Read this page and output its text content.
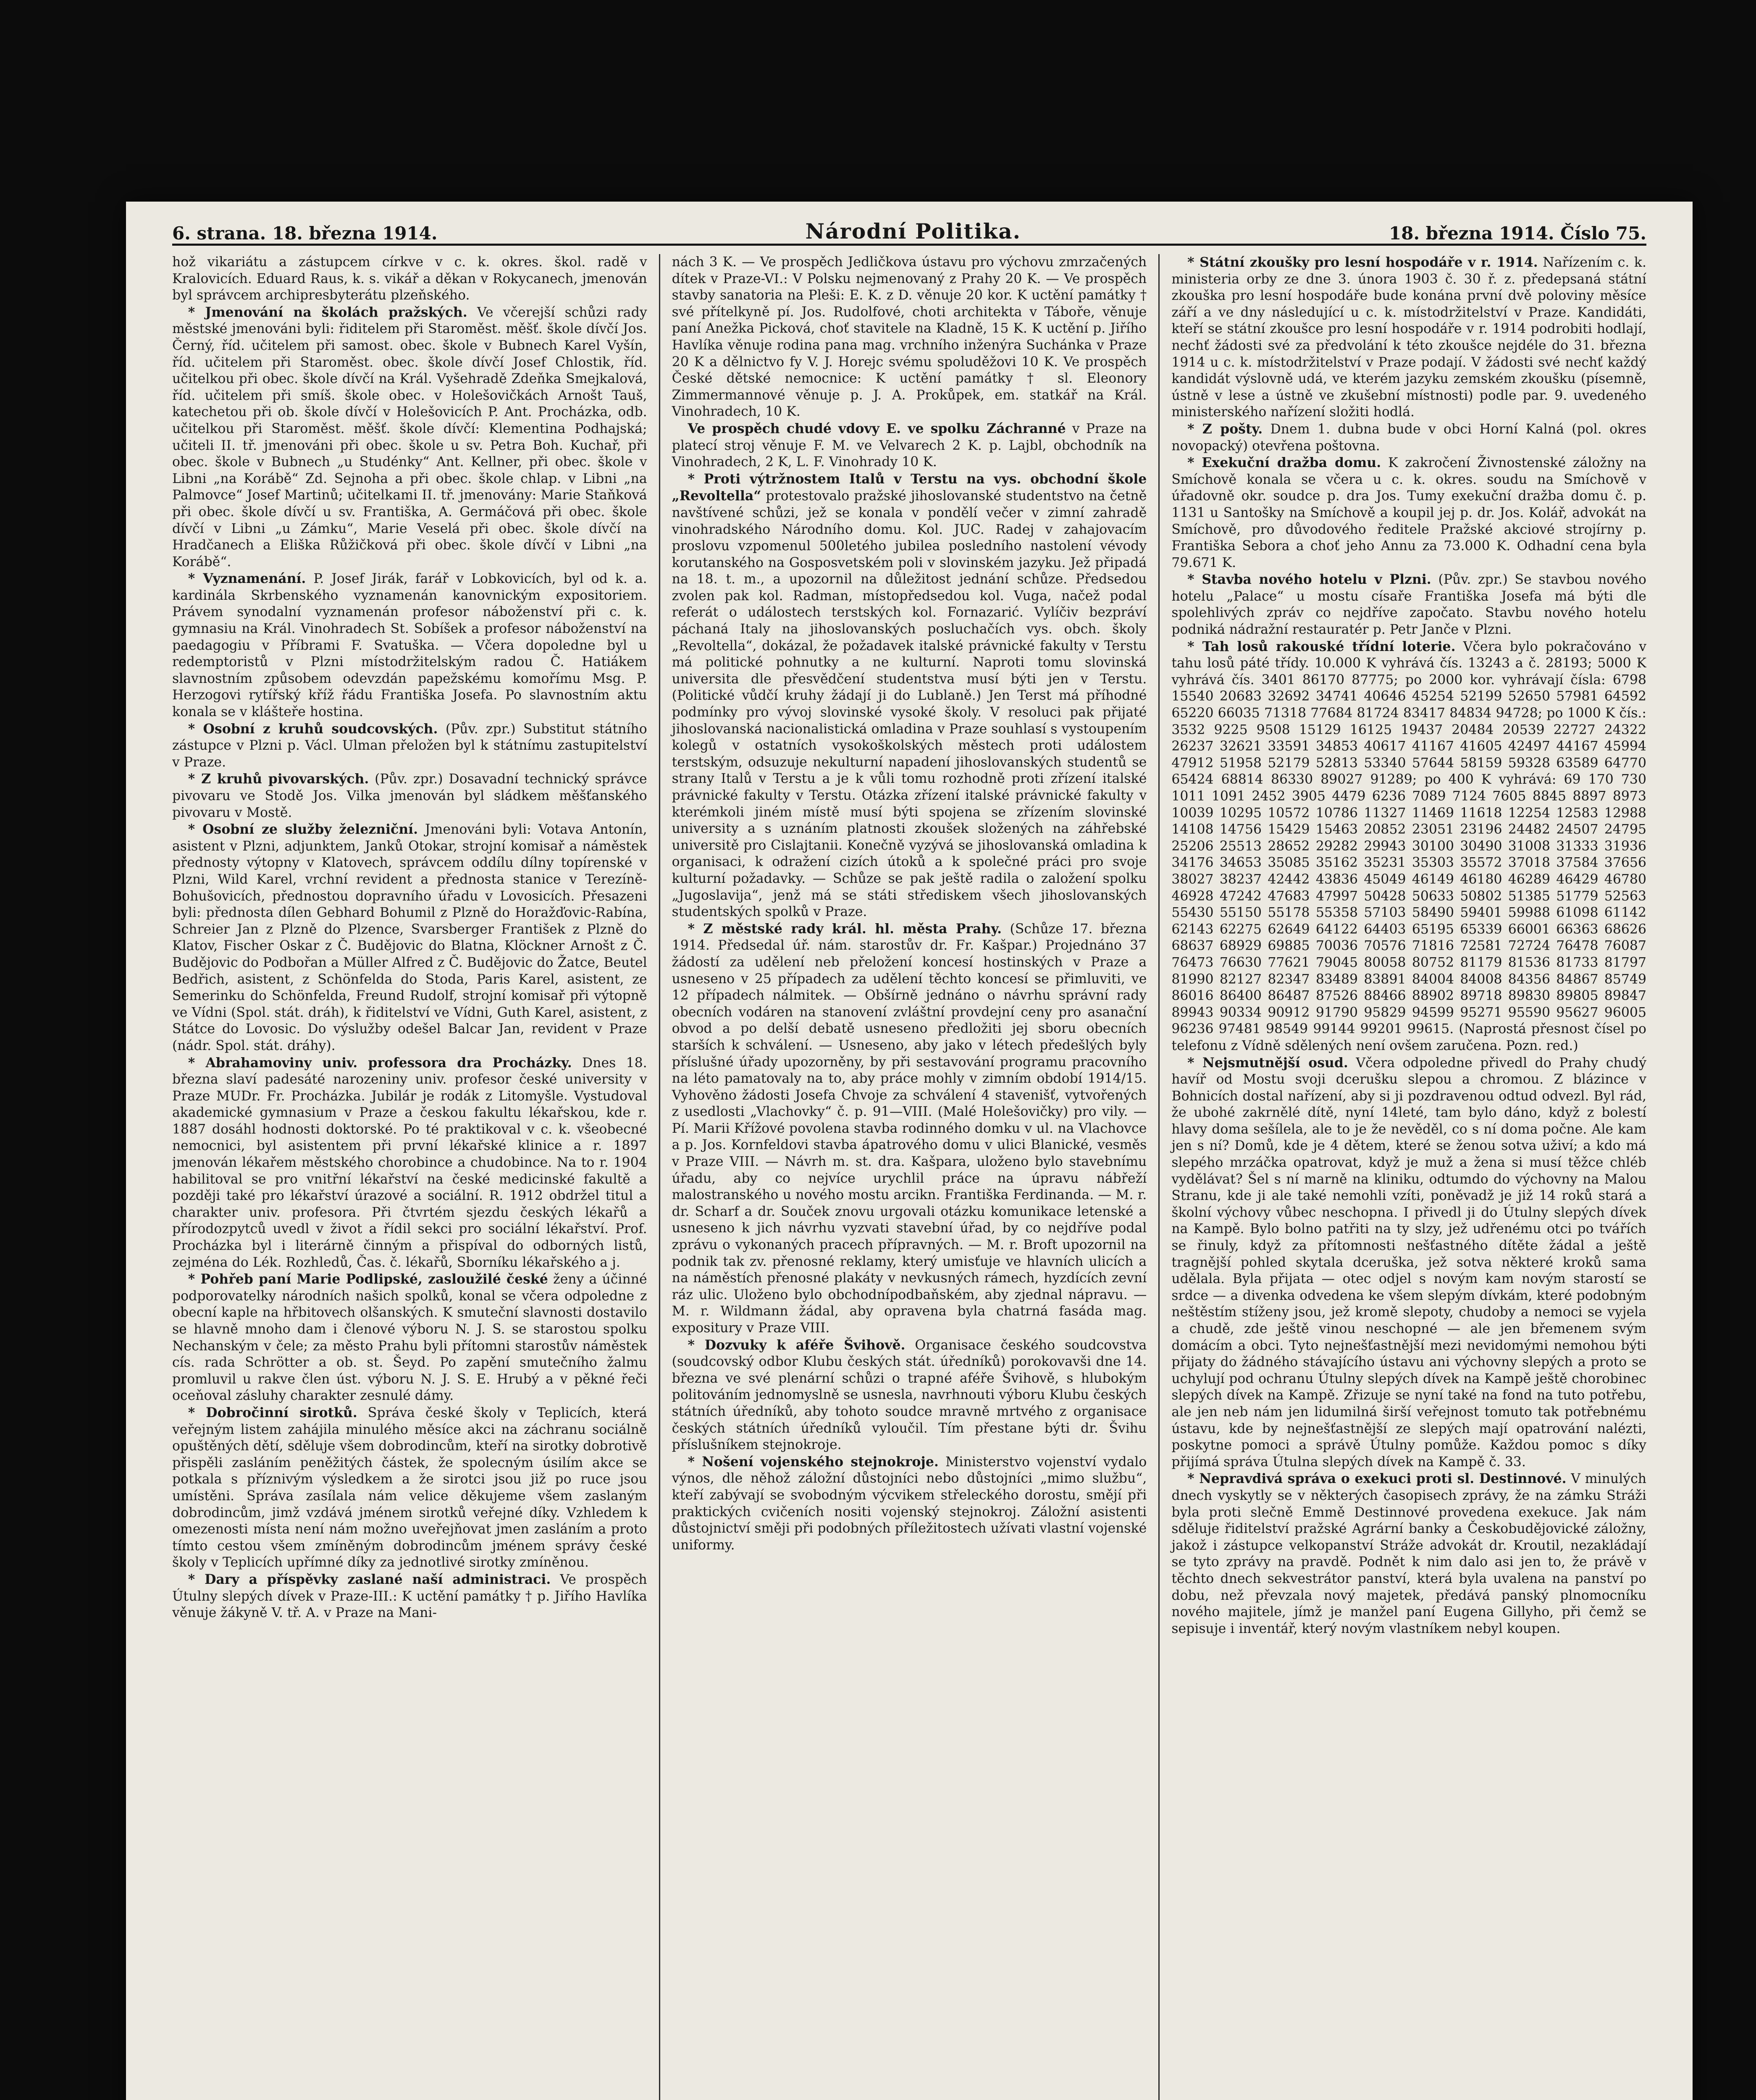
6. strana. 18. března 1914.	Národní Politika.	18. března 1914. Číslo 75.

hož vikariátu a zástupcem církve v c. k. okres. škol. radě v Kralovicích. Eduard Raus, k. s. vikář a děkan v Rokycanech, jmenován byl správcem archipresbyterátu plzeňského.

* Jmenování na školách pražských. Ve včerejší schůzi rady městské jmenováni byli: řiditelem při Staroměst. měšť. škole dívčí Jos. Černý, říd. učitelem při samost. obec. škole v Bubnech Karel Vyšín, říd. učitelem při Staroměst. obec. škole dívčí Josef Chlostik, říd. učitelkou při obec. škole dívčí na Král. Vyšehradě Zdeňka Smejkalová, říd. učitelem při smíš. škole obec. v Holešovičkách Arnošt Tauš, katechetou při ob. škole dívčí v Holešovicích P. Ant. Procházka, odb. učitelkou při Staroměst. měšť. škole dívčí: Klementina Podhajská; učiteli II. tř. jmenováni při obec. škole u sv. Petra Boh. Kuchař, při obec. škole v Bubnech „u Studénky“ Ant. Kellner, při obec. škole v Libni „na Korábě“ Zd. Sejnoha a při obec. škole chlap. v Libni „na Palmovce“ Josef Martinů; učitelkami II. tř. jmenovány: Marie Staňková při obec. škole dívčí u sv. Františka, A. Germáčová při obec. škole dívčí v Libni „u Zámku“, Marie Veselá při obec. škole dívčí na Hradčanech a Eliška Růžičková při obec. škole dívčí v Libni „na Korábě“.

* Vyznamenání. P. Josef Jirák, farář v Lobkovicích, byl od k. a. kardinála Skrbenského vyznamenán kanovnickým expositoriem. Právem synodalní vyznamenán profesor náboženství při c. k. gymnasiu na Král. Vinohradech St. Sobíšek a profesor náboženství na paedagogiu v Příbrami F. Svatuška. — Včera dopoledne byl u redemptoristů v Plzni místodržitelským radou Č. Hatiákem slavnostním způsobem odevzdán papežskému komořímu Msg. P. Herzogovi rytířský kříž řádu Františka Josefa. Po slavnostním aktu konala se v klášteře hostina.

* Osobní z kruhů soudcovských. (Pův. zpr.) Substitut státního zástupce v Plzni p. Václ. Ulman přeložen byl k státnímu zastupitelství v Praze.

* Z kruhů pivovarských. (Pův. zpr.) Dosavadní technický správce pivovaru ve Stodě Jos. Vilka jmenován byl sládkem měšťanského pivovaru v Mostě.

* Osobní ze služby železniční. Jmenováni byli: Votava Antonín, asistent v Plzni, adjunktem, Janků Otokar, strojní komisař a náměstek přednosty výtopny v Klatovech, správcem oddílu dílny topírenské v Plzni, Wild Karel, vrchní revident a přednosta stanice v Terezíně-Bohušovicích, přednostou dopravního úřadu v Lovosicích. Přesazeni byli: přednosta dílen Gebhard Bohumil z Plzně do Horažďovic-Rabína, Schreier Jan z Plzně do Plzence, Svarsberger František z Plzně do Klatov, Fischer Oskar z Č. Budějovic do Blatna, Klöckner Arnošt z Č. Budějovic do Podbořan a Müller Alfred z Č. Budějovic do Žatce, Beutel Bedřich, asistent, z Schönfelda do Stoda, Paris Karel, asistent, ze Semerinku do Schönfelda, Freund Rudolf, strojní komisař při výtopně ve Vídni (Spol. stát. dráh), k řiditelství ve Vídni, Guth Karel, asistent, z Státce do Lovosic. Do výslužby odešel Balcar Jan, revident v Praze (nádr. Spol. stát. dráhy).

* Abrahamoviny univ. professora dra Procházky. Dnes 18. března slaví padesáté narozeniny univ. profesor české university v Praze MUDr. Fr. Procházka. Jubilár je rodák z Litomyšle. Vystudoval akademické gymnasium v Praze a českou fakultu lékařskou, kde r. 1887 dosáhl hodnosti doktorské. Po té praktikoval v c. k. všeobecné nemocnici, byl asistentem při první lékařské klinice a r. 1897 jmenován lékařem městského chorobince a chudobince. Na to r. 1904 habilitoval se pro vnitřní lékařství na české medicinské fakultě a později také pro lékařství úrazové a sociální. R. 1912 obdržel titul a charakter univ. profesora. Při čtvrtém sjezdu českých lékařů a přírodozpytců uvedl v život a řídil sekci pro sociální lékařství. Prof. Procházka byl i literárně činným a přispíval do odborných listů, zejména do Lék. Rozhledů, Čas. č. lékařů, Sborníku lékařského a j.

* Pohřeb paní Marie Podlipské, zasloužilé české ženy a účinné podporovatelky národních našich spolků, konal se včera odpoledne z obecní kaple na hřbitovech olšanských. K smuteční slavnosti dostavilo se hlavně mnoho dam i členové výboru N. J. S. se starostou spolku Nechanským v čele; za město Prahu byli přítomni starostův náměstek cís. rada Schrötter a ob. st. Šeyd. Po zapění smutečního žalmu promluvil u rakve člen úst. výboru N. J. S. E. Hrubý a v pěkné řeči oceňoval zásluhy charakter zesnulé dámy.

* Dobročinní sirotků. Správa české školy v Teplicích, která veřejným listem zahájila minulého měsíce akci na záchranu sociálně opuštěných dětí, sděluje všem dobrodincům, kteří na sirotky dobrotivě přispěli zasláním peněžitých částek, že spolecným úsilím akce se potkala s příznivým výsledkem a že sirotci jsou již po ruce jsou umístěni. Správa zasílala nám velice děkujeme všem zaslaným dobrodincům, jimž vzdává jménem sirotků veřejné díky. Vzhledem k omezenosti místa není nám možno uveřejňovat jmen zasláním a proto tímto cestou všem zmíněným dobrodincům jménem správy české školy v Teplicích upřímné díky za jednotlivé sirotky zmíněnou.

* Dary a příspěvky zaslané naší administraci. Ve prospěch Útulny slepých dívek v Praze-III.: K uctění památky † p. Jiřího Havlíka věnuje žákyně V. tř. A. v Praze na Mani-

nách 3 K. — Ve prospěch Jedličkova ústavu pro výchovu zmrzačených dítek v Praze-VI.: V Polsku nejmenovaný z Prahy 20 K. — Ve prospěch stavby sanatoria na Pleši: E. K. z D. věnuje 20 kor. K uctění památky † své přítelkyně pí. Jos. Rudolfové, choti architekta v Táboře, věnuje paní Anežka Picková, choť stavitele na Kladně, 15 K. K uctění p. Jiřího Havlíka věnuje rodina pana mag. vrchního inženýra Suchánka v Praze 20 K a dělnictvo fy V. J. Horejc svému spoluděžovi 10 K. Ve prospěch České dětské nemocnice: K uctění památky † sl. Eleonory Zimmermannové věnuje p. J. A. Prokůpek, em. statkář na Král. Vinohradech, 10 K.

Ve prospěch chudé vdovy E. ve spolku Záchranné v Praze na platecí stroj věnuje F. M. ve Velvarech 2 K. p. Lajbl, obchodník na Vinohradech, 2 K, L. F. Vinohrady 10 K.

* Proti výtržnostem Italů v Terstu na vys. obchodní škole „Revoltella“ protestovalo pražské jihoslovanské studentstvo na četně navštívené schůzi, jež se konala v pondělí večer v zimní zahradě vinohradského Národního domu. Kol. JUC. Radej v zahajovacím proslovu vzpomenul 500letého jubilea posledního nastolení vévody korutanského na Gosposvetském poli v slovinském jazyku. Jež připadá na 18. t. m., a upozornil na důležitost jednání schůze. Předsedou zvolen pak kol. Radman, místopředsedou kol. Vuga, načež podal referát o událostech terstských kol. Fornazarić. Vylíčiv bezpráví páchaná Italy na jihoslovanských posluchačích vys. obch. školy „Revoltella“, dokázal, že požadavek italské právnické fakulty v Terstu má politické pohnutky a ne kulturní. Naproti tomu slovinská universita dle přesvědčení studentstva musí býti jen v Terstu. (Politické vůdčí kruhy žádají ji do Lublaně.) Jen Terst má příhodné podmínky pro vývoj slovinské vysoké školy. V resoluci pak přijaté jihoslovanská nacionalistická omladina v Praze souhlasí s vystoupením kolegů v ostatních vysokoškolských městech proti událostem terstským, odsuzuje nekulturní napadení jihoslovanských studentů se strany Italů v Terstu a je k vůli tomu rozhodně proti zřízení italské právnické fakulty v Terstu. Otázka zřízení italské právnické fakulty v kterémkoli jiném místě musí býti spojena se zřízením slovinské university a s uznáním platnosti zkoušek složených na záhřebské universitě pro Cislajtanii. Konečně vyzývá se jihoslovanská omladina k organisaci, k odražení cizích útoků a k společné práci pro svoje kulturní požadavky. — Schůze se pak ještě radila o založení spolku „Jugoslavija“, jenž má se státi střediskem všech jihoslovanských studentských spolků v Praze.

* Z městské rady král. hl. města Prahy. (Schůze 17. března 1914. Předsedal úř. nám. starostův dr. Fr. Kašpar.) Projednáno 37 žádostí za udělení neb přeložení koncesí hostinských v Praze a usneseno v 25 případech za udělení těchto koncesí se přimluviti, ve 12 případech nálmitek. — Obšírně jednáno o návrhu správní rady obecních vodáren na stanovení zvláštní provdejní ceny pro asanační obvod a po delší debatě usneseno předložiti jej sboru obecních starších k schválení. — Usneseno, aby jako v létech předešlých byly příslušné úřady upozorněny, by při sestavování programu pracovního na léto pamatovaly na to, aby práce mohly v zimním období 1914/15. Vyhověno žádosti Josefa Chvoje za schválení 4 stavenišť, vytvořených z usedlosti „Vlachovky“ č. p. 91—VIII. (Malé Holešovičky) pro vily. — Pí. Marii Křížové povolena stavba rodinného domku v ul. na Vlachovce a p. Jos. Kornfeldovi stavba ápatrového domu v ulici Blanické, vesměs v Praze VIII. — Návrh m. st. dra. Kašpara, uloženo bylo stavebnímu úřadu, aby co nejvíce urychlil práce na úpravu nábřeží malostranského u nového mostu arcikn. Františka Ferdinanda. — M. r. dr. Scharf a dr. Souček znovu urgovali otázku komunikace letenské a usneseno k jich návrhu vyzvati stavební úřad, by co nejdříve podal zprávu o vykonaných pracech přípravných. — M. r. Broft upozornil na podnik tak zv. přenosné reklamy, který umisťuje ve hlavních ulicích a na náměstích přenosné plakáty v nevkusných rámech, hyzdících zevní ráz ulic. Uloženo bylo obchodnípodbaňském, aby zjednal nápravu. — M. r. Wildmann žádal, aby opravena byla chatrná fasáda mag. expositury v Praze VIII.

* Dozvuky k aféře Švihově. Organisace českého soudcovstva (soudcovský odbor Klubu českých stát. úředníků) porokovavši dne 14. března ve své plenární schůzi o trapné aféře Švihově, s hlubokým politováním jednomyslně se usnesla, navrhnouti výboru Klubu českých státních úředníků, aby tohoto soudce mravně mrtvého z organisace českých státních úředníků vyloučil. Tím přestane býti dr. Švihu příslušníkem stejnokroje.

* Nošení vojenského stejnokroje. Ministerstvo vojenství vydalo výnos, dle něhož záložní důstojníci nebo důstojníci „mimo službu“, kteří zabývají se svobodným výcvikem střeleckého dorostu, smějí při praktických cvičeních nositi vojenský stejnokroj. Záložní asistenti důstojnictví směji při podobných příležitostech užívati vlastní vojenské uniformy.

* Státní zkoušky pro lesní hospodáře v r. 1914. Nařízením c. k. ministeria orby ze dne 3. února 1903 č. 30 ř. z. předepsaná státní zkouška pro lesní hospodáře bude konána první dvě poloviny měsíce září a ve dny následující u c. k. místodržitelství v Praze. Kandidáti, kteří se státní zkoušce pro lesní hospodáře v r. 1914 podrobiti hodlají, nechť žádosti své za předvolání k této zkoušce nejdéle do 31. března 1914 u c. k. místodržitelství v Praze podají. V žádosti své nechť každý kandidát výslovně udá, ve kterém jazyku zemském zkoušku (písemně, ústně v lese a ústně ve zkušební místnosti) podle par. 9. uvedeného ministerského nařízení složiti hodlá.

* Z pošty. Dnem 1. dubna bude v obci Horní Kalná (pol. okres novopacký) otevřena poštovna.

* Exekuční dražba domu. K zakročení Živnostenské záložny na Smíchově konala se včera u c. k. okres. soudu na Smíchově v úřadovně okr. soudce p. dra Jos. Tumy exekuční dražba domu č. p. 1131 u Santošky na Smíchově a koupil jej p. dr. Jos. Kolář, advokát na Smíchově, pro důvodového ředitele Pražské akciové strojírny p. Františka Sebora a choť jeho Annu za 73.000 K. Odhadní cena byla 79.671 K.

* Stavba nového hotelu v Plzni. (Pův. zpr.) Se stavbou nového hotelu „Palace“ u mostu císaře Františka Josefa má býti dle spolehlivých zpráv co nejdříve započato. Stavbu nového hotelu podniká nádražní restauratér p. Petr Janče v Plzni.

* Tah losů rakouské třídní loterie. Včera bylo pokračováno v tahu losů páté třídy. 10.000 K vyhrává čís. 13243 a č. 28193; 5000 K vyhrává čís. 3401 86170 87775; po 2000 kor. vyhrávají čísla: 6798 15540 20683 32692 34741 40646 45254 52199 52650 57981 64592 65220 66035 71318 77684 81724 83417 84834 94728; po 1000 K čís.: 3532 9225 9508 15129 16125 19437 20484 20539 22727 24322 26237 32621 33591 34853 40617 41167 41605 42497 44167 45994 47912 51958 52179 52813 53340 57644 58159 59328 63589 64770 65424 68814 86330 89027 91289; po 400 K vyhrává: 69 170 730 1011 1091 2452 3905 4479 6236 7089 7124 7605 8845 8897 8973 10039 10295 10572 10786 11327 11469 11618 12254 12583 12988 14108 14756 15429 15463 20852 23051 23196 24482 24507 24795 25206 25513 28652 29282 29943 30100 30490 31008 31333 31936 34176 34653 35085 35162 35231 35303 35572 37018 37584 37656 38027 38237 42442 43836 45049 46149 46180 46289 46429 46780 46928 47242 47683 47997 50428 50633 50802 51385 51779 52563 55430 55150 55178 55358 57103 58490 59401 59988 61098 61142 62143 62275 62649 64122 64403 65195 65339 66001 66363 68626 68637 68929 69885 70036 70576 71816 72581 72724 76478 76087 76473 76630 77621 79045 80058 80752 81179 81536 81733 81797 81990 82127 82347 83489 83891 84004 84008 84356 84867 85749 86016 86400 86487 87526 88466 88902 89718 89830 89805 89847 89943 90334 90912 91790 95829 94599 95271 95590 95627 96005 96236 97481 98549 99144 99201 99615. (Naprostá přesnost čísel po telefonu z Vídně sdělených není ovšem zaručena. Pozn. red.)

* Nejsmutnější osud. Včera odpoledne přivedl do Prahy chudý havíř od Mostu svoji dcerušku slepou a chromou. Z blázince v Bohnicích dostal nařízení, aby si ji pozdravenou odtud odvezl. Byl rád, že ubohé zakrnělé dítě, nyní 14leté, tam bylo dáno, když z bolestí hlavy doma sešílela, ale to je že nevěděl, co s ní doma počne. Ale kam jen s ní? Domů, kde je 4 dětem, které se ženou sotva uživí; a kdo má slepého mrzáčka opatrovat, když je muž a žena si musí těžce chléb vydělávat? Šel s ní marně na kliniku, odtumdo do výchovny na Malou Stranu, kde ji ale také nemohli vzíti, poněvadž je již 14 roků stará a školní výchovy vůbec neschopna. I přivedl ji do Útulny slepých dívek na Kampě. Bylo bolno patřiti na ty slzy, jež udřenému otci po tvářích se řinuly, když za přítomnosti nešťastného dítěte žádal a ještě tragnější pohled skytala dceruška, jež sotva některé kroků sama udělala. Byla přijata — otec odjel s novým kam novým starostí se srdce — a divenka odvedena ke všem slepým dívkám, které podobným neštěstím stíženy jsou, jež kromě slepoty, chudoby a nemoci se vyjela a chudě, zde ještě vinou neschopné — ale jen břemenem svým domácím a obci. Tyto nejnešťastnější mezi nevidomými nemohou býti přijaty do žádného stávajícího ústavu ani výchovny slepých a proto se uchylují pod ochranu Útulny slepých dívek na Kampě ještě chorobinec slepých dívek na Kampě. Zřizuje se nyní také na fond na tuto potřebu, ale jen neb nám jen lidumilná širší veřejnost tomuto tak potřebnému ústavu, kde by nejnešťastnější ze slepých mají opatrování nalézti, poskytne pomoci a správě Útulny pomůže. Každou pomoc s díky přijímá správa Útulna slepých dívek na Kampě č. 33.

* Nepravdivá správa o exekuci proti sl. Destinnové. V minulých dnech vyskytly se v některých časopisech zprávy, že na zámku Stráži byla proti slečně Emmě Destinnové provedena exekuce. Jak nám sděluje řiditelství pražské Agrární banky a Českobudějovické záložny, jakož i zástupce velkopanství Stráže advokát dr. Kroutil, nezakládají se tyto zprávy na pravdě. Podnět k nim dalo asi jen to, že právě v těchto dnech sekvestrátor panství, která byla uvalena na panství po dobu, než převzala nový majetek, předává panský plnomocníku nového majitele, jímž je manžel paní Eugena Gillyho, při čemž se sepisuje i inventář, který novým vlastníkem nebyl koupen.
